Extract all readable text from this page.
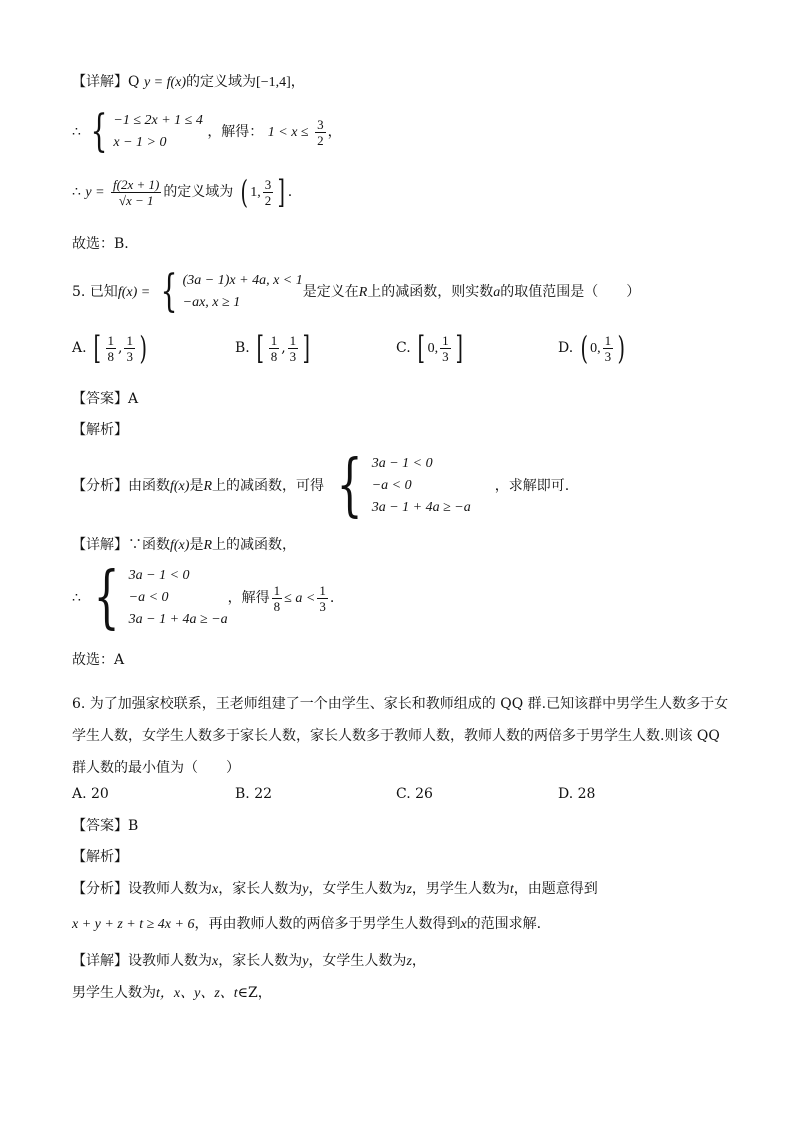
【详解】Q y = f(x)的定义域为[−1,4]，
∴ { −1 ≤ 2x + 1 ≤ 4
x − 1 > 0
，解得： $1 < x \le \frac{3}{2}$ ，
∴ $y = \frac{f(2x + 1)}{√x - 1}$ 的定义域为 ( 1, $\frac{3}{2}$ ] .
故选：B.
5. 已知f(x) = { (3a − 1)x + 4a, x < 1
−ax, x ≥ 1
是定义在R上的减函数，则实数a的取值范围是（　　）
A. [ $\frac{1}{8}$ , $\frac{1}{3}$ )	B. [ $\frac{1}{8}$ , $\frac{1}{3}$ ]	C. [ 0, $\frac{1}{3}$ ]	D. ( 0, $\frac{1}{3}$ )
【答案】A
【解析】
【分析】由函数f(x)是R上的减函数，可得 { 3a − 1 < 0
−a < 0
3a − 1 + 4a ≥ −a
，求解即可.
【详解】∵函数f(x)是R上的减函数，
∴ { 3a − 1 < 0
−a < 0
3a − 1 + 4a ≥ −a
，解得 $\frac{1}{8} \le a < \frac{1}{3}$ .
故选：A
6. 为了加强家校联系，王老师组建了一个由学生、家长和教师组成的 QQ 群.已知该群中男学生人数多于女
学生人数，女学生人数多于家长人数，家长人数多于教师人数，教师人数的两倍多于男学生人数.则该 QQ
群人数的最小值为（　　）
A. 20	B. 22	C. 26	D. 28
【答案】B
【解析】
【分析】设教师人数为x，家长人数为y，女学生人数为z，男学生人数为t，由题意得到
x + y + z + t ≥ 4x + 6，再由教师人数的两倍多于男学生人数得到x的范围求解.
【详解】设教师人数为x，家长人数为y，女学生人数为z，
男学生人数为t，x、y、z、t∈Z，
